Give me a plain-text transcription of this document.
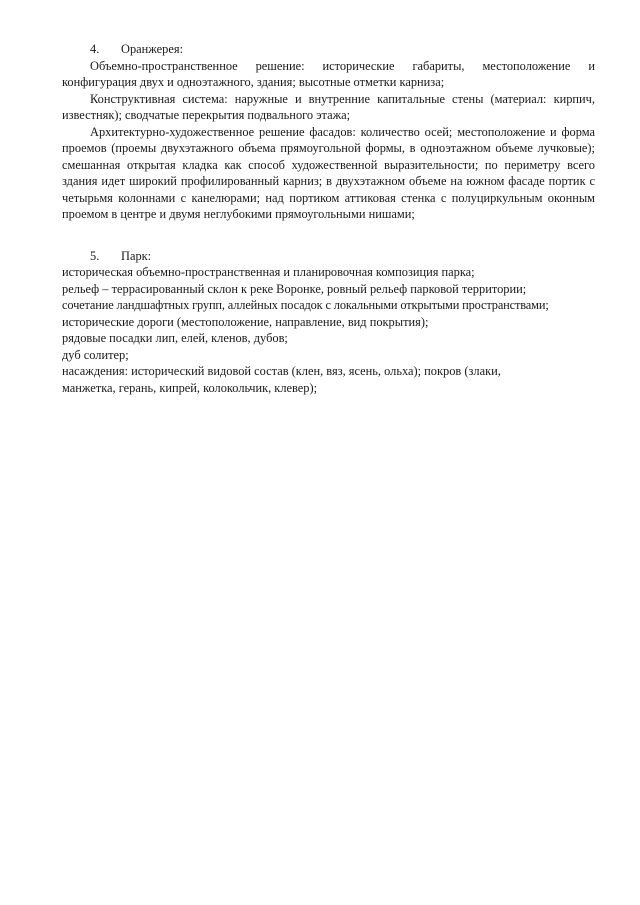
4.	Оранжерея:

Объемно-пространственное решение: исторические габариты, местоположение и конфигурация двух и одноэтажного, здания; высотные отметки карниза;

Конструктивная система: наружные и внутренние капитальные стены (материал: кирпич, известняк); сводчатые перекрытия подвального этажа;

Архитектурно-художественное решение фасадов: количество осей; местоположение и форма проемов (проемы двухэтажного объема прямоугольной формы, в одноэтажном объеме лучковые); смешанная открытая кладка как способ художественной выразительности; по периметру всего здания идет широкий профилированный карниз; в двухэтажном объеме на южном фасаде портик с четырьмя колоннами с канелюрами; над портиком аттиковая стенка с полуциркульным оконным проемом в центре и двумя неглубокими прямоугольными нишами;

5.	Парк:

историческая объемно-пространственная и планировочная композиция парка;

рельеф – террасированный склон к реке Воронке, ровный рельеф парковой территории;

сочетание ландшафтных групп, аллейных посадок с локальными открытыми пространствами;

исторические дороги (местоположение, направление, вид покрытия);

рядовые посадки лип, елей, кленов, дубов;

дуб солитер;

насаждения: исторический видовой состав (клен, вяз, ясень, ольха); покров (злаки,

манжетка, герань, кипрей, колокольчик, клевер);
